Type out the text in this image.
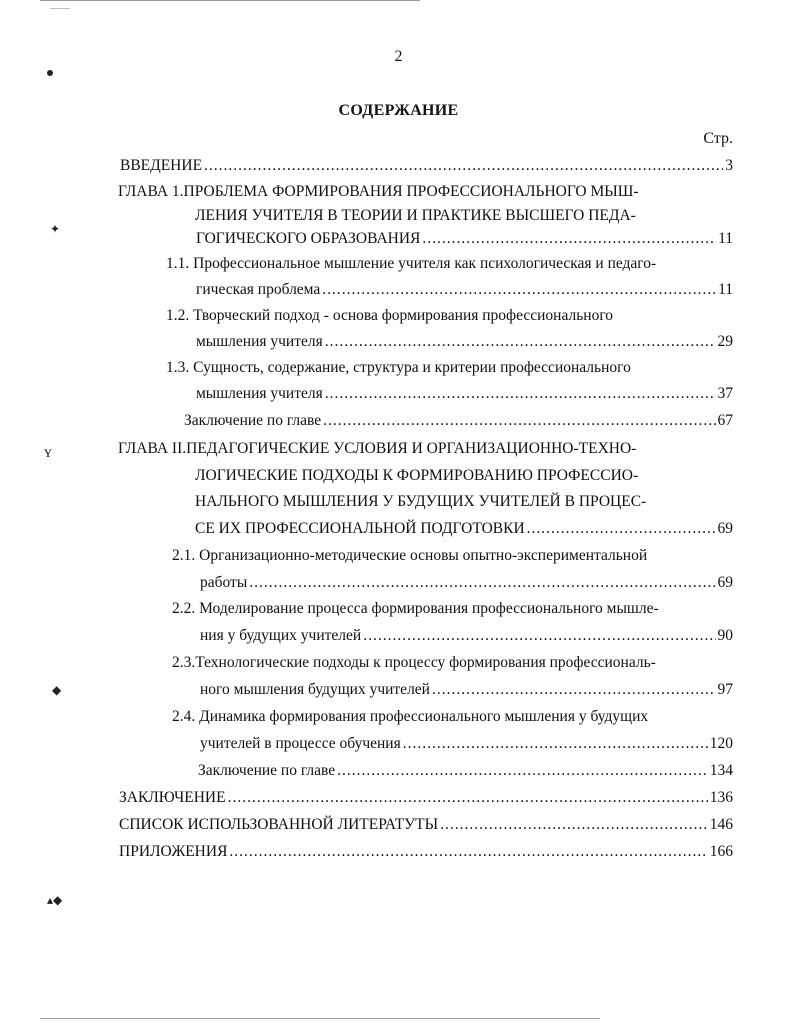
✦
ʏ
◆
▴◆
2
СОДЕРЖАНИЕ
Стр.
ВВЕДЕНИЕ .....	3
ГЛАВА 1.ПРОБЛЕМА ФОРМИРОВАНИЯ ПРОФЕССИОНАЛЬНОГО МЫШ-
ЛЕНИЯ УЧИТЕЛЯ В ТЕОРИИ И ПРАКТИКЕ ВЫСШЕГО ПЕДА-
ГОГИЧЕСКОГО ОБРАЗОВАНИЯ .....	11
1.1. Профессиональное мышление учителя как психологическая и педаго-
гическая проблема .....	11
1.2. Творческий подход - основа формирования профессионального
мышления учителя .....	29
1.3. Сущность, содержание, структура и критерии профессионального
мышления учителя .....	37
Заключение по главе .....	67
ГЛАВА II.ПЕДАГОГИЧЕСКИЕ УСЛОВИЯ И ОРГАНИЗАЦИОННО-ТЕХНО-
ЛОГИЧЕСКИЕ ПОДХОДЫ К ФОРМИРОВАНИЮ ПРОФЕССИО-
НАЛЬНОГО МЫШЛЕНИЯ У БУДУЩИХ УЧИТЕЛЕЙ В ПРОЦЕС-
СЕ ИХ ПРОФЕССИОНАЛЬНОЙ ПОДГОТОВКИ .....	69
2.1. Организационно-методические основы опытно-экспериментальной
работы .....	69
2.2. Моделирование процесса формирования профессионального мышле-
ния у будущих учителей .....	90
2.3.Технологические подходы к процессу формирования профессиональ-
ного мышления будущих учителей .....	97
2.4. Динамика формирования профессионального мышления у будущих
учителей в процессе обучения .....	120
Заключение по главе .....	134
ЗАКЛЮЧЕНИЕ .....	136
СПИСОК ИСПОЛЬЗОВАННОЙ ЛИТЕРАТУТЫ .....	146
ПРИЛОЖЕНИЯ .....	166
